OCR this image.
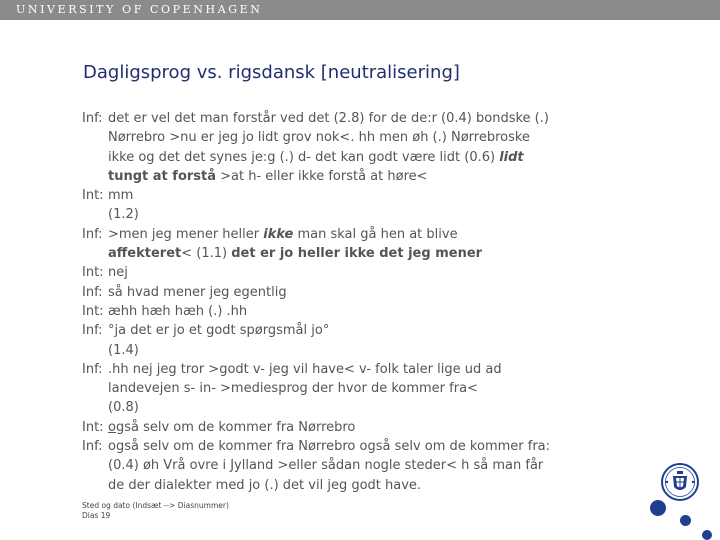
UNIVERSITY OF COPENHAGEN
Dagligsprog vs. rigsdansk [neutralisering]
Inf: det er vel det man forstår ved det (2.8) for de de:r (0.4) bondske (.)
Nørrebro >nu er jeg jo lidt grov nok<. hh men øh (.) Nørrebroske
ikke og det det synes je:g (.) d- det kan godt være lidt (0.6) lidt
tungt at forstå >at h- eller ikke forstå at høre<
Int: mm
(1.2)
Inf: >men jeg mener heller ikke man skal gå hen at blive
affekteret< (1.1) det er jo heller ikke det jeg mener
Int: nej
Inf: så hvad mener jeg egentlig
Int: æhh hæh hæh (.) .hh
Inf: °ja det er jo et godt spørgsmål jo°
(1.4)
Inf: .hh nej jeg tror >godt v- jeg vil have< v- folk taler lige ud ad
landevejen s- in- >mediesprog der hvor de kommer fra<
(0.8)
Int: også selv om de kommer fra Nørrebro
Inf: også selv om de kommer fra Nørrebro også selv om de kommer fra:
(0.4) øh Vrå ovre i Jylland >eller sådan nogle steder< h så man får
de der dialekter med jo (.) det vil jeg godt have.
Sted og dato (Indsæt --> Diasnummer)
Dias 19
